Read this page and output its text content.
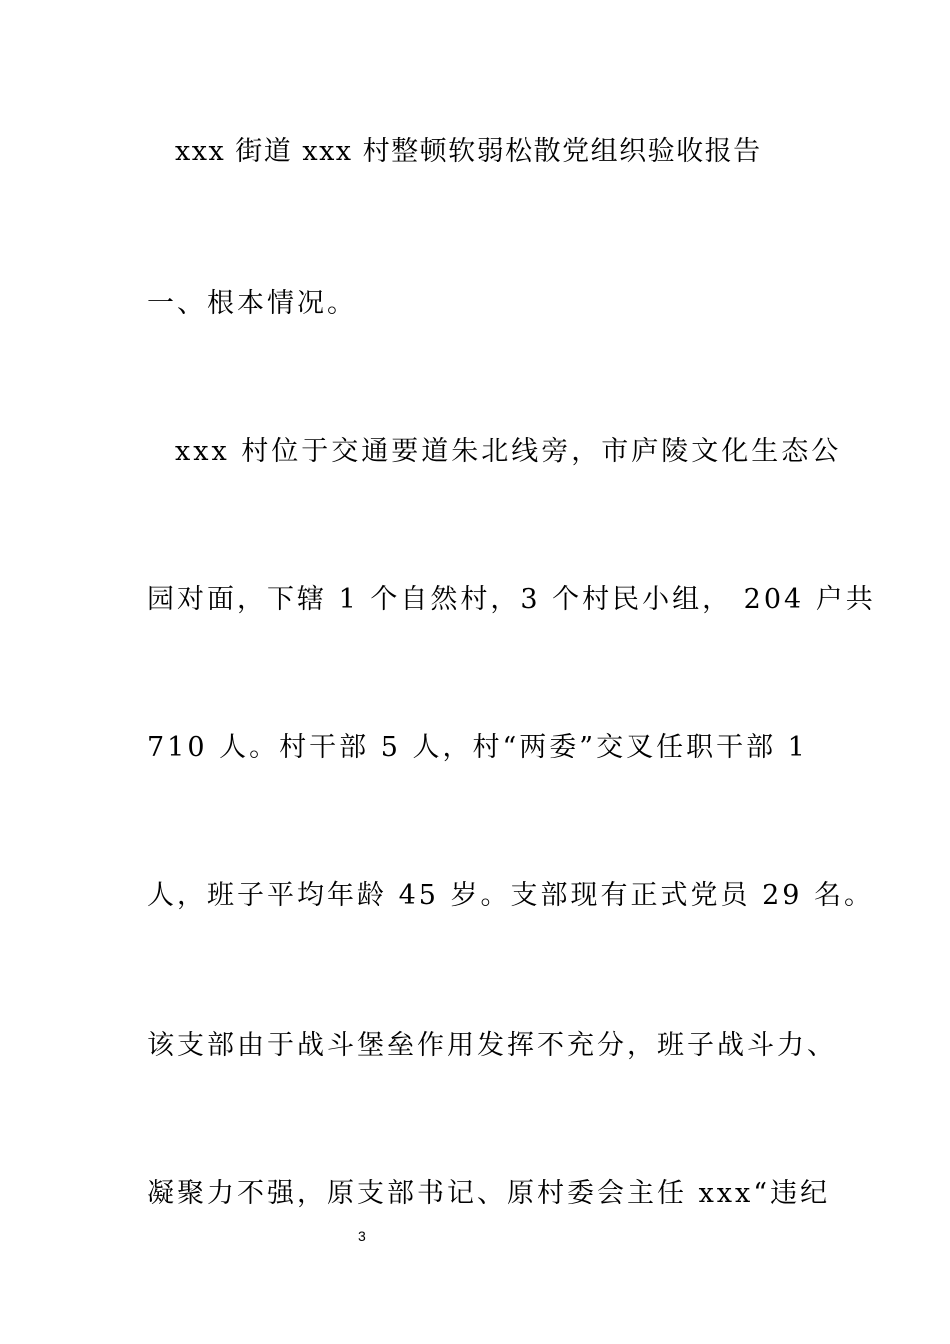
xxx 街道 xxx 村整顿软弱松散党组织验收报告
一、根本情况。
xxx 村位于交通要道朱北线旁，市庐陵文化生态公
园对面，下辖 1 个自然村，3 个村民小组， 204 户共
710 人。村干部 5 人，村“两委”交叉任职干部 1
人，班子平均年龄 45 岁。支部现有正式党员 29 名。
该支部由于战斗堡垒作用发挥不充分，班子战斗力、
凝聚力不强，原支部书记、原村委会主任 xxx“违纪
3
